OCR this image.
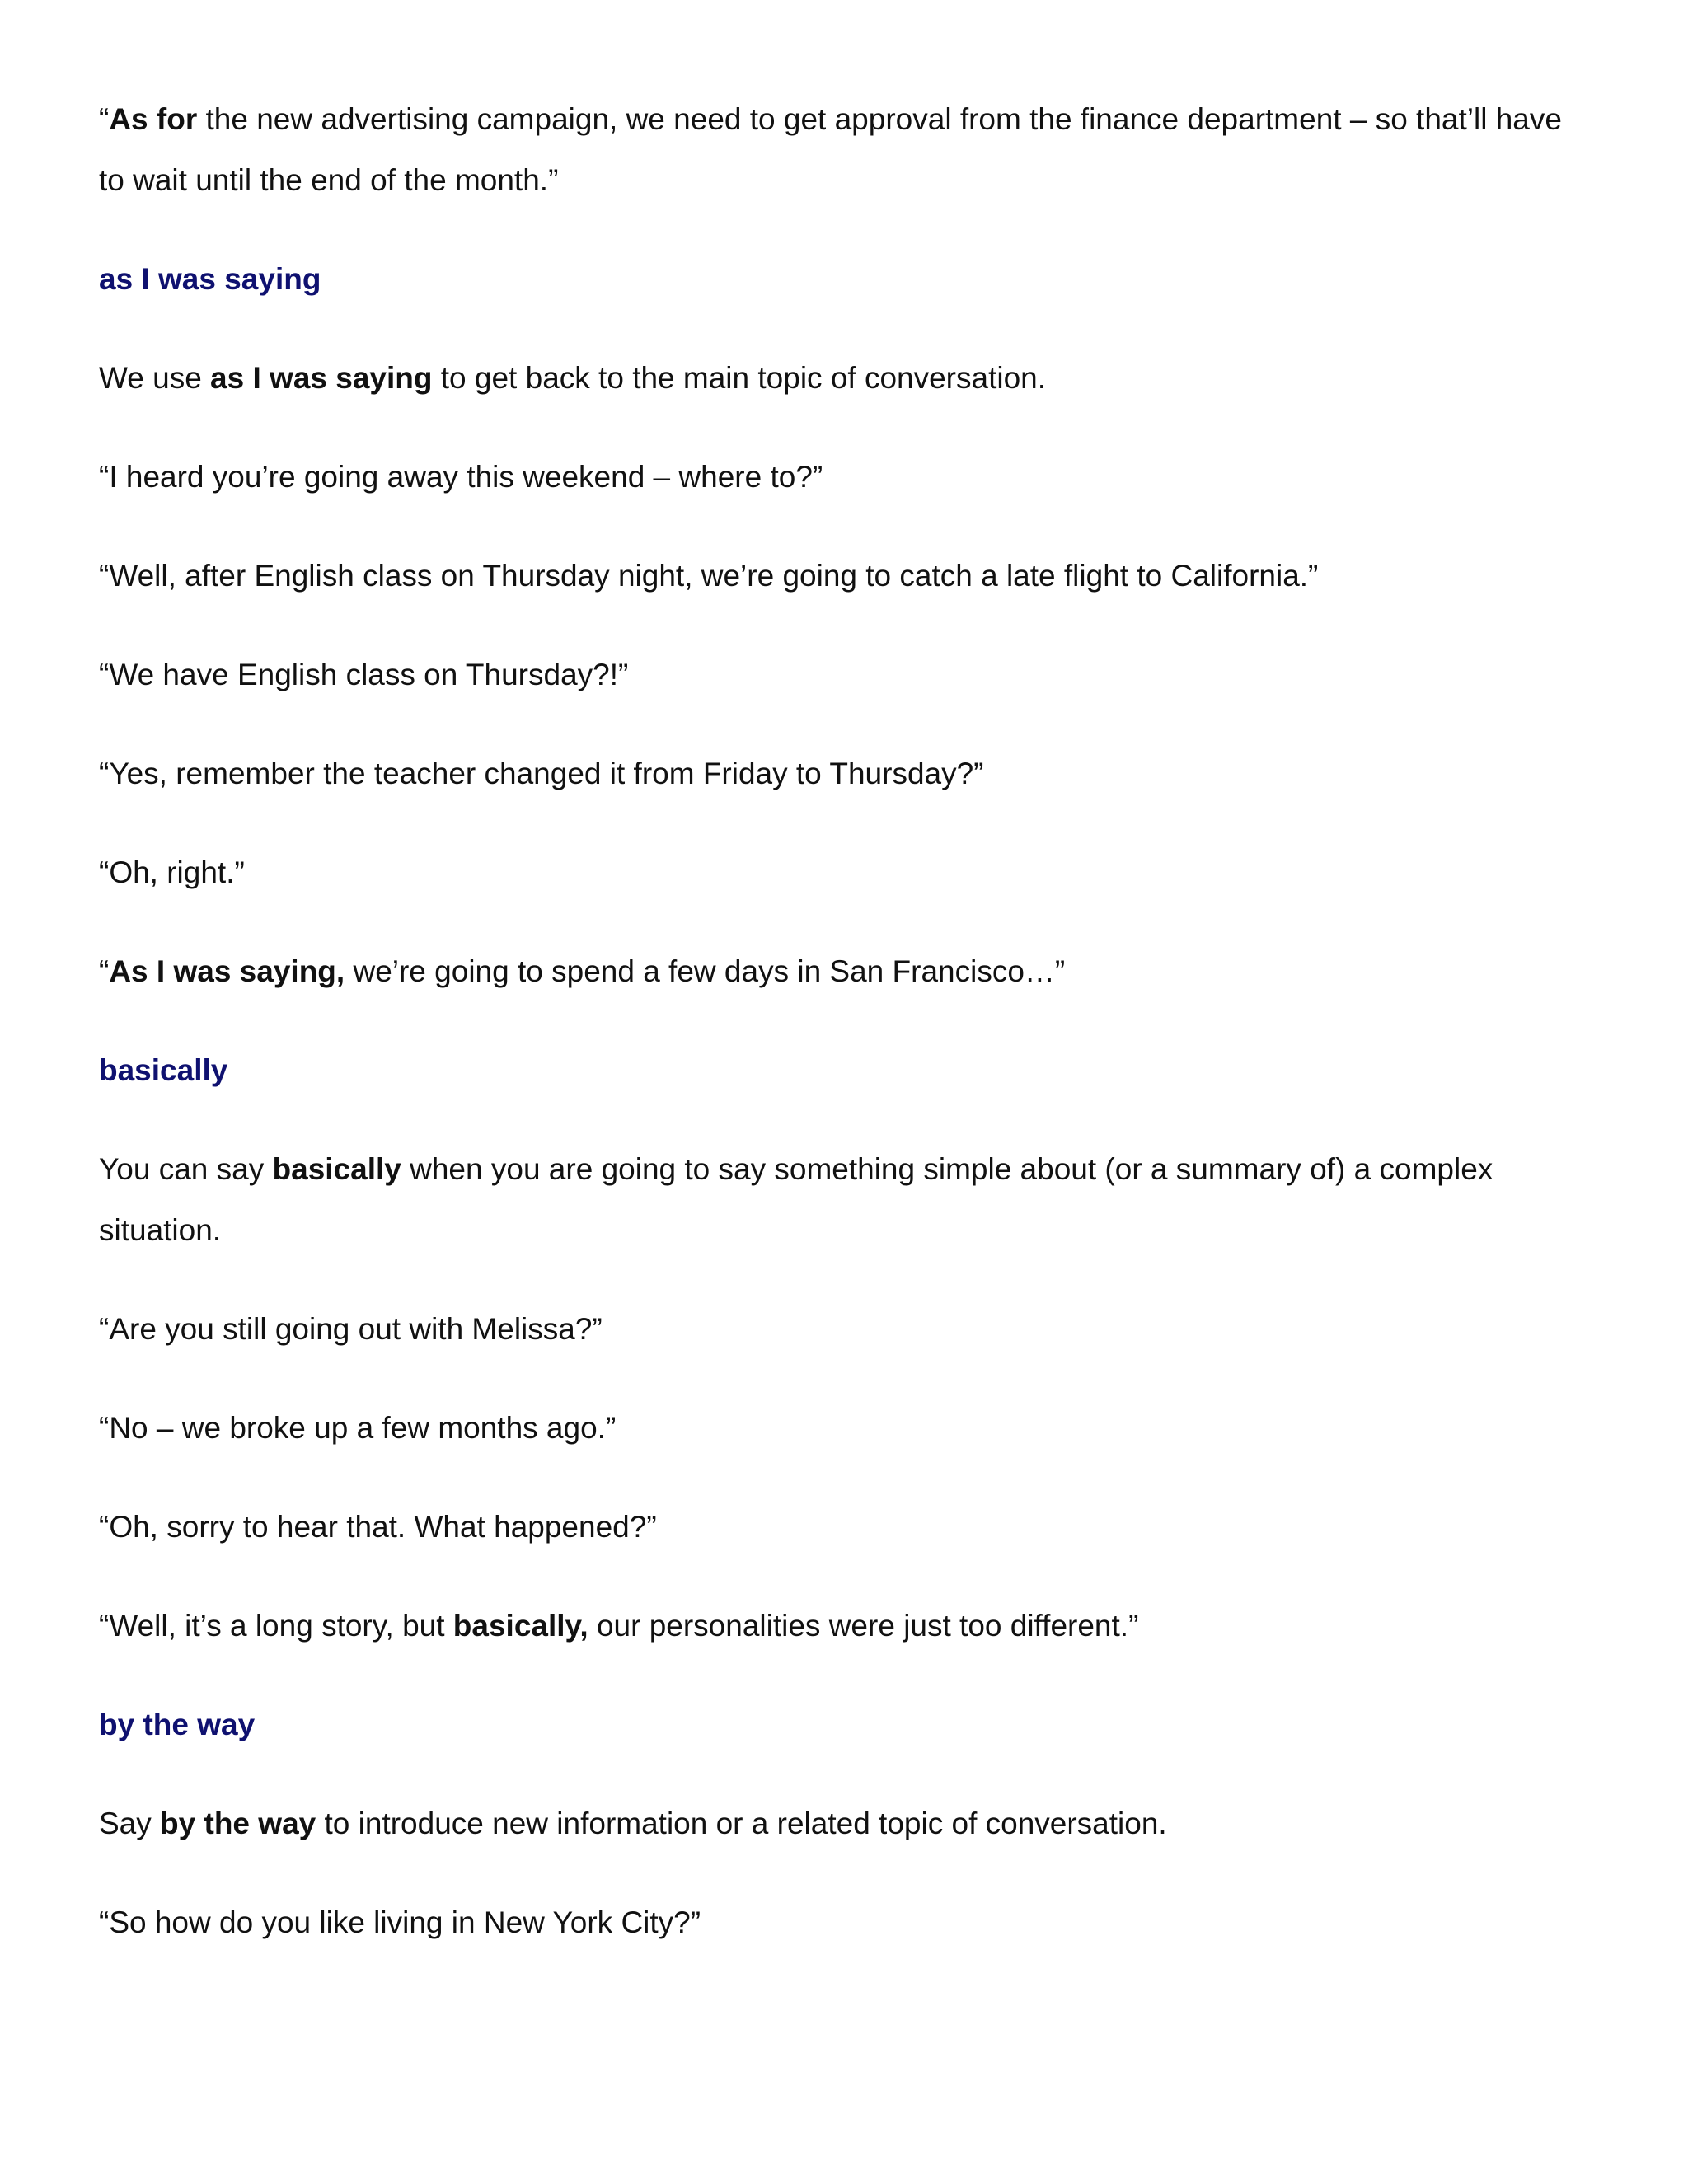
“As for the new advertising campaign, we need to get approval from the finance department – so that’ll have to wait until the end of the month.”

as I was saying

We use as I was saying to get back to the main topic of conversation.

“I heard you’re going away this weekend – where to?”

“Well, after English class on Thursday night, we’re going to catch a late flight to California.”

“We have English class on Thursday?!”

“Yes, remember the teacher changed it from Friday to Thursday?”

“Oh, right.”

“As I was saying, we’re going to spend a few days in San Francisco…”

basically

You can say basically when you are going to say something simple about (or a summary of) a complex situation.

“Are you still going out with Melissa?”

“No – we broke up a few months ago.”

“Oh, sorry to hear that. What happened?”

“Well, it’s a long story, but basically, our personalities were just too different.”

by the way

Say by the way to introduce new information or a related topic of conversation.

“So how do you like living in New York City?”
